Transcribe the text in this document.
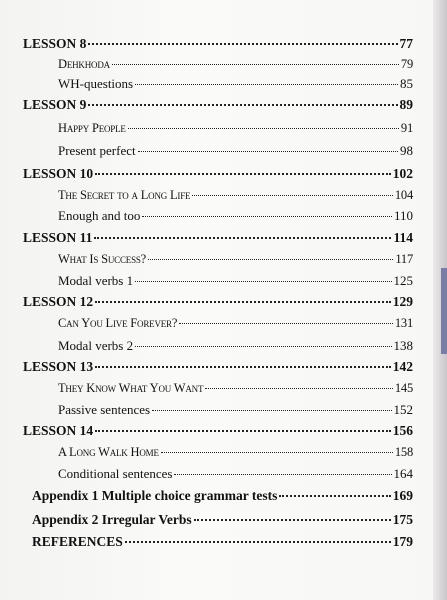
LESSON 8	77
Dehkhoda	79
WH-questions	85
LESSON 9	89
Happy People	91
Present perfect	98
LESSON 10	102
The Secret to a Long Life	104
Enough and too	110
LESSON 11	114
What Is Success?	117
Modal verbs 1	125
LESSON 12	129
Can You Live Forever?	131
Modal verbs 2	138
LESSON 13	142
They Know What You Want	145
Passive sentences	152
LESSON 14	156
A Long Walk Home	158
Conditional sentences	164
Appendix 1 Multiple choice grammar tests	169
Appendix 2 Irregular Verbs	175
REFERENCES	179
